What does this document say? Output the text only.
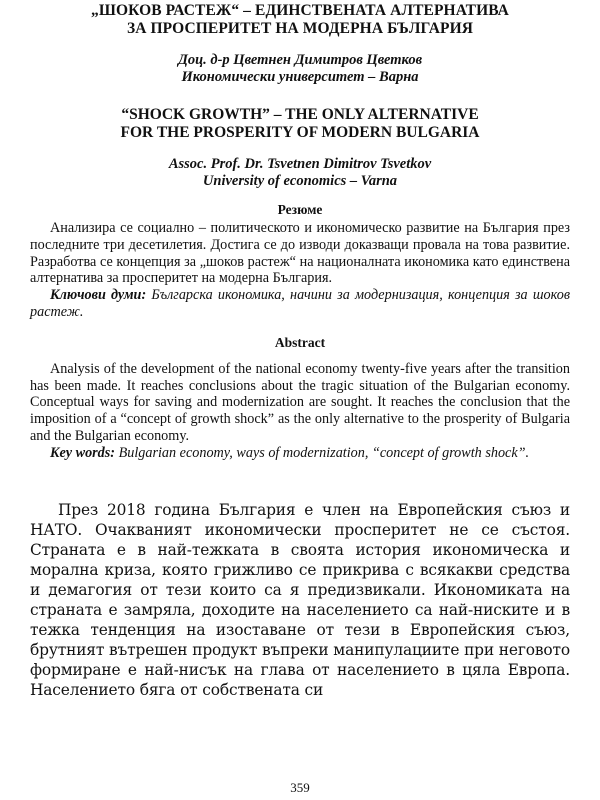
„ШОКОВ РАСТЕЖ“ – ЕДИНСТВЕНАТА АЛТЕРНАТИВА
ЗА ПРОСПЕРИТЕТ НА МОДЕРНА БЪЛГАРИЯ
Доц. д-р Цветнен Димитров Цветков
Икономически университет – Варна
“SHOCK GROWTH” – THE ONLY ALTERNATIVE
FOR THE PROSPERITY OF MODERN BULGARIA
Assoc. Prof. Dr. Tsvetnen Dimitrov Tsvetkov
University of economics – Varna
Резюме

Анализира се социално – политическото и икономическо развитие на България през последните три десетилетия. Достига се до изводи доказващи провала на това развитие. Разработва се концепция за „шоков растеж“ на националната икономика като единствена алтернатива за просперитет на модерна България.

Ключови думи: Българска икономика, начини за модернизация, концепция за шоков растеж.

Abstract

Analysis of the development of the national economy twenty-five years after the transition has been made. It reaches conclusions about the tragic situation of the Bulgarian economy. Conceptual ways for saving and modernization are sought. It reaches the conclusion that the imposition of a “concept of growth shock” as the only alternative to the prosperity of Bulgaria and the Bulgarian economy.

Key words: Bulgarian economy, ways of modernization, “concept of growth shock”.

През 2018 година България е член на Европейския съюз и НАТО. Очакваният икономически просперитет не се състоя. Страната е в най-тежката в своята история икономическа и морална криза, която грижливо се прикрива с всякакви средства и демагогия от тези които са я предизвикали. Икономиката на страната е замряла, доходите на населението са най-ниските и в тежка тенденция на изоставане от тези в Европейския съюз, брутният вътрешен продукт въпреки манипулациите при неговото формиране е най-нисък на глава от населението в цяла Европа. Населението бяга от собствената си

359
